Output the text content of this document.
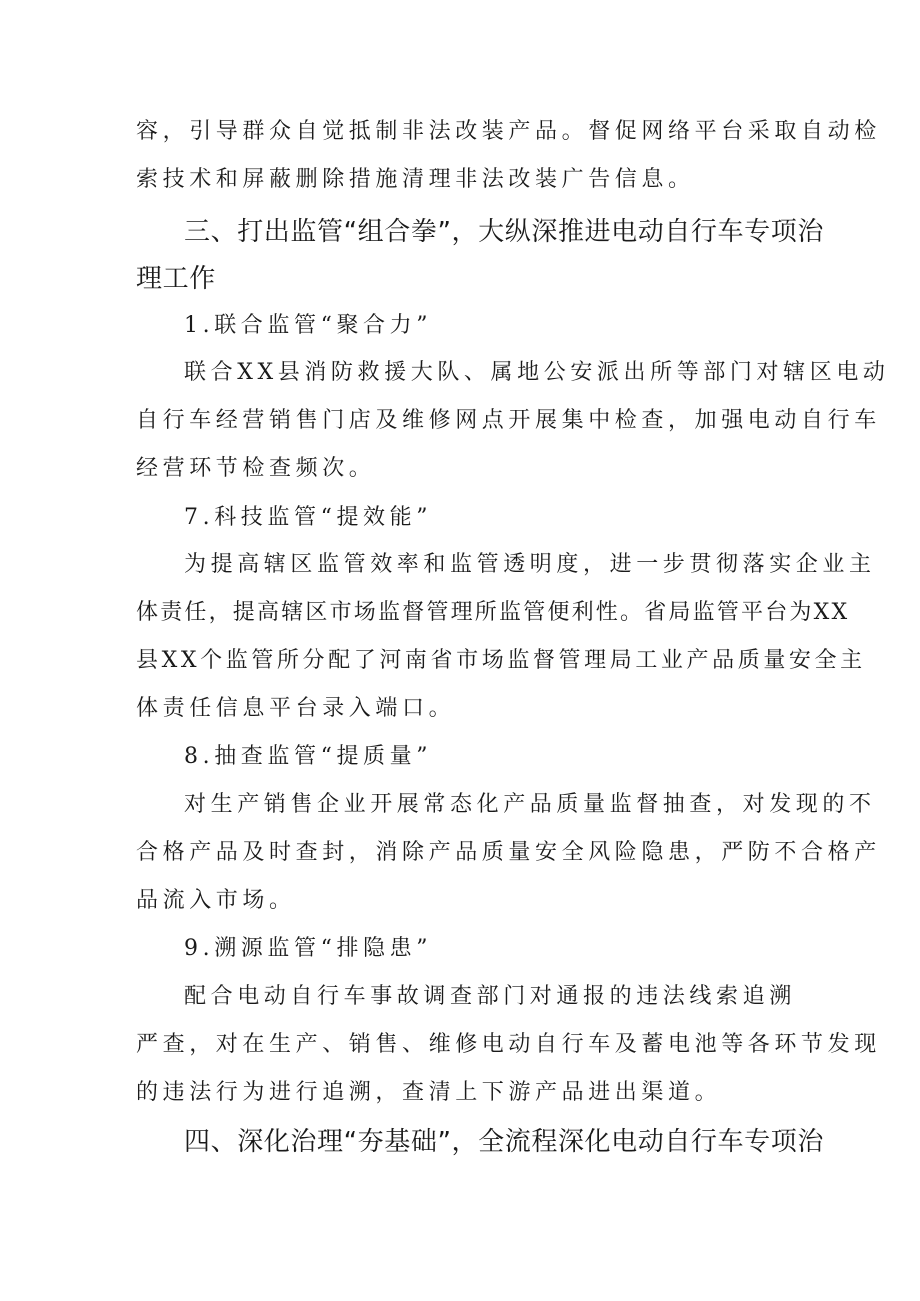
容，引导群众自觉抵制非法改装产品。督促网络平台采取自动检
索技术和屏蔽删除措施清理非法改装广告信息。
三、打出监管“组合拳”，大纵深推进电动自行车专项治
理工作
1.联合监管“聚合力”
联合XX县消防救援大队、属地公安派出所等部门对辖区电动
自行车经营销售门店及维修网点开展集中检查，加强电动自行车
经营环节检查频次。
7.科技监管“提效能”
为提高辖区监管效率和监管透明度，进一步贯彻落实企业主
体责任，提高辖区市场监督管理所监管便利性。省局监管平台为XX
县XX个监管所分配了河南省市场监督管理局工业产品质量安全主
体责任信息平台录入端口。
8.抽查监管“提质量”
对生产销售企业开展常态化产品质量监督抽查，对发现的不
合格产品及时查封，消除产品质量安全风险隐患，严防不合格产
品流入市场。
9.溯源监管“排隐患”
配合电动自行车事故调查部门对通报的违法线索追溯
严查，对在生产、销售、维修电动自行车及蓄电池等各环节发现
的违法行为进行追溯，查清上下游产品进出渠道。
四、深化治理“夯基础”，全流程深化电动自行车专项治
